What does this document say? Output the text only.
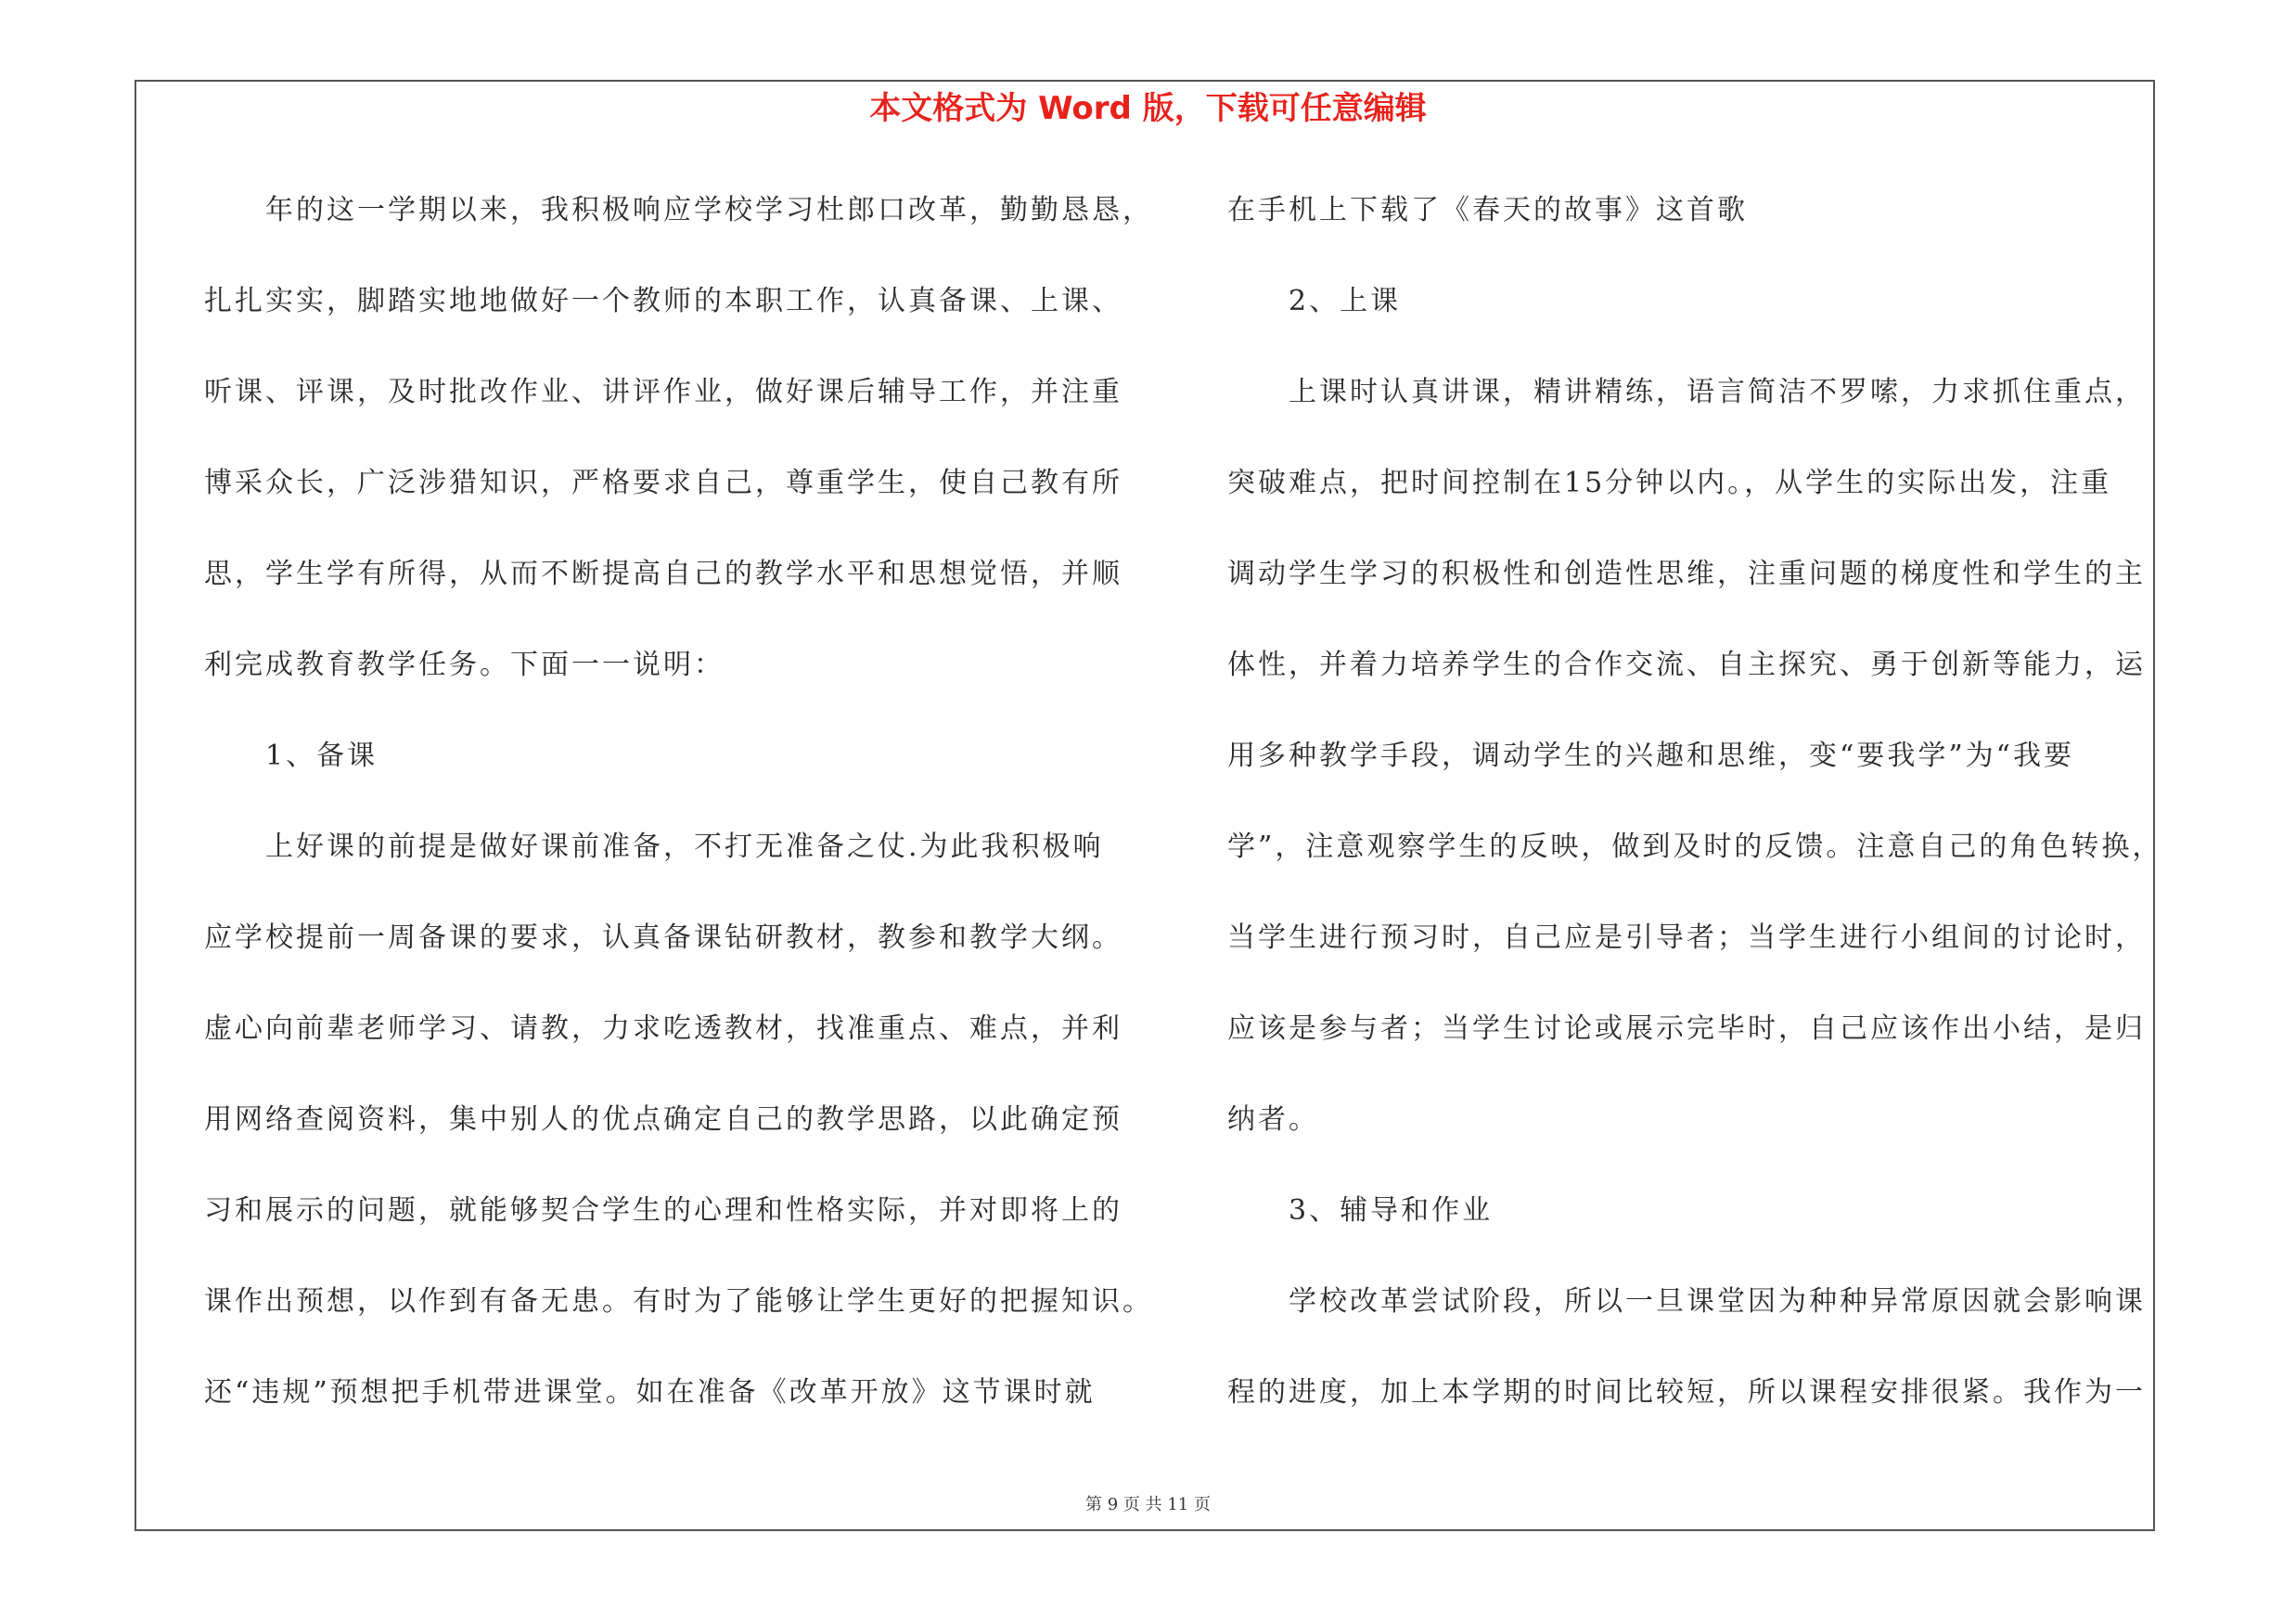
本文格式为 Word 版，下载可任意编辑
年的这一学期以来，我积极响应学校学习杜郎口改革，勤勤恳恳，
扎扎实实，脚踏实地地做好一个教师的本职工作，认真备课、上课、
听课、评课，及时批改作业、讲评作业，做好课后辅导工作，并注重
博采众长，广泛涉猎知识，严格要求自己，尊重学生，使自己教有所
思，学生学有所得，从而不断提高自己的教学水平和思想觉悟，并顺
利完成教育教学任务。下面一一说明：
1、备课
上好课的前提是做好课前准备，不打无准备之仗.为此我积极响
应学校提前一周备课的要求，认真备课钻研教材，教参和教学大纲。
虚心向前辈老师学习、请教，力求吃透教材，找准重点、难点，并利
用网络查阅资料，集中别人的优点确定自己的教学思路，以此确定预
习和展示的问题，就能够契合学生的心理和性格实际，并对即将上的
课作出预想，以作到有备无患。有时为了能够让学生更好的把握知识。
还“违规”预想把手机带进课堂。如在准备《改革开放》这节课时就
在手机上下载了《春天的故事》这首歌
2、上课
上课时认真讲课，精讲精练，语言简洁不罗嗦，力求抓住重点，
突破难点，把时间控制在15分钟以内。，从学生的实际出发，注重
调动学生学习的积极性和创造性思维，注重问题的梯度性和学生的主
体性，并着力培养学生的合作交流、自主探究、勇于创新等能力，运
用多种教学手段，调动学生的兴趣和思维，变“要我学”为“我要
学”，注意观察学生的反映，做到及时的反馈。注意自己的角色转换，
当学生进行预习时，自己应是引导者；当学生进行小组间的讨论时，
应该是参与者；当学生讨论或展示完毕时，自己应该作出小结，是归
纳者。
3、辅导和作业
学校改革尝试阶段，所以一旦课堂因为种种异常原因就会影响课
程的进度，加上本学期的时间比较短，所以课程安排很紧。我作为一
第 9 页 共 11 页
